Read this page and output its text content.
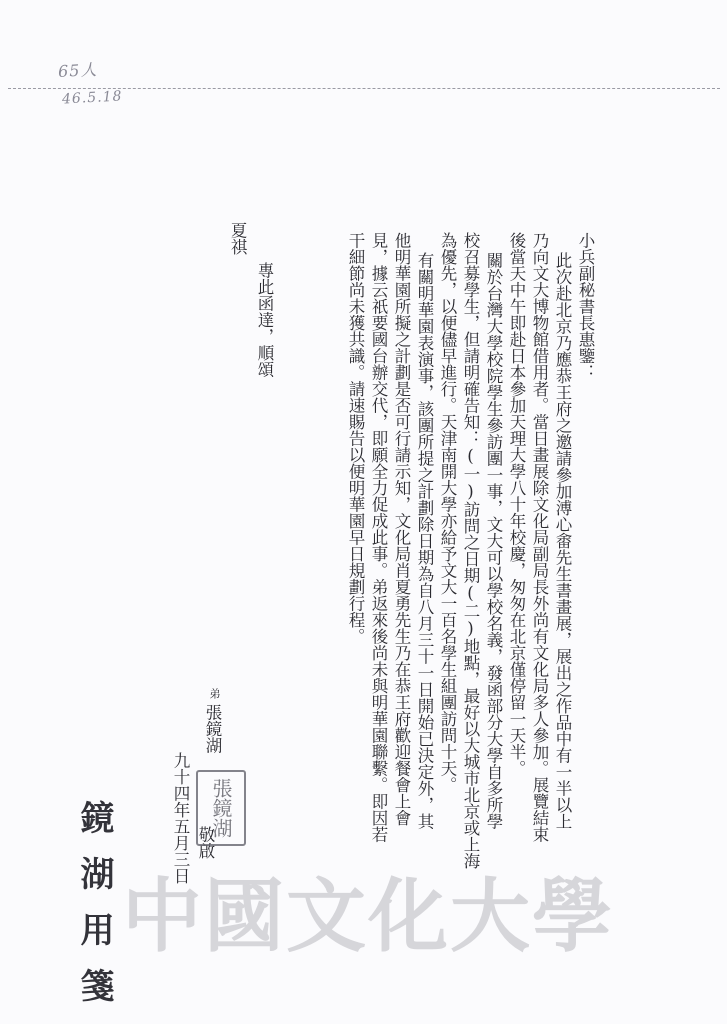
65人
46.5.18
小兵副秘書長惠鑒：
此次赴北京乃應恭王府之邀請參加溥心畬先生書畫展，展出之作品中有一半以上
乃向文大博物館借用者。當日畫展除文化局副局長外尚有文化局多人參加。展覽結束
後當天中午即赴日本參加天理大學八十年校慶，匆匆在北京僅停留一天半。
關於台灣大學校院學生參訪團一事，文大可以學校名義，發函部分大學自多所學
校召募學生，但請明確告知：(一)訪問之日期(二)地點，最好以大城市北京或上海
為優先，以便儘早進行。天津南開大學亦給予文大一百名學生組團訪問十天。
有關明華園表演事，該團所提之計劃除日期為自八月三十一日開始已決定外，其
他明華園所擬之計劃是否可行請示知，文化局肖夏勇先生乃在恭王府歡迎餐會上會
見，據云祇要國台辦交代，即願全力促成此事。弟返來後尚未與明華園聯繫。即因若
干細節尚未獲共識。請速賜告以便明華園早日規劃行程。
專此函達，順頌
夏祺
弟
張鏡湖
九十四年五月三日 敬啟
張鏡湖
鏡湖用箋 中國文化大學
